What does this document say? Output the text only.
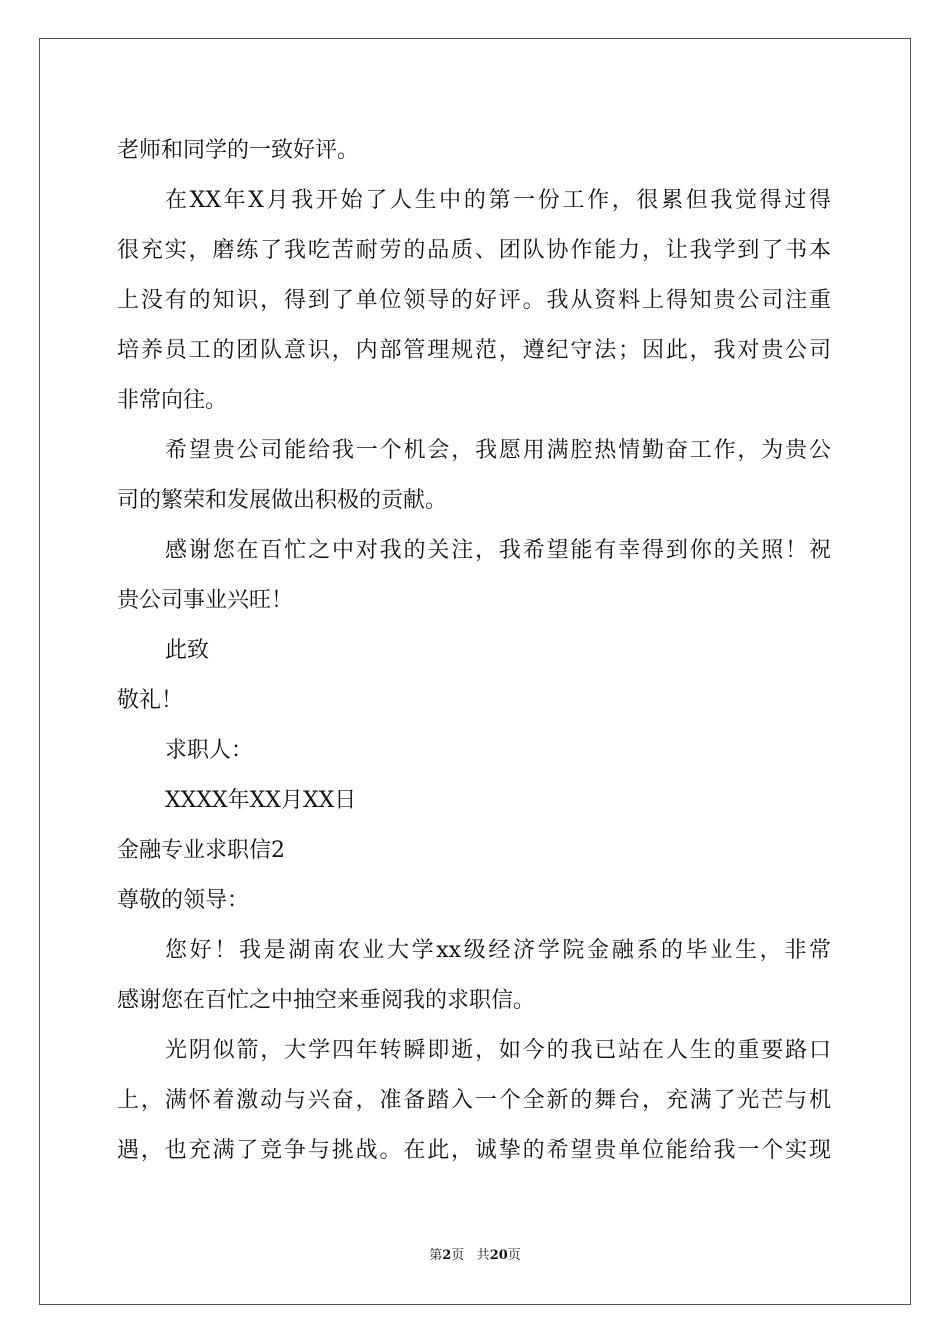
老师和同学的一致好评。
在XX年X月我开始了人生中的第一份工作，很累但我觉得过得
很充实，磨练了我吃苦耐劳的品质、团队协作能力，让我学到了书本
上没有的知识，得到了单位领导的好评。我从资料上得知贵公司注重
培养员工的团队意识，内部管理规范，遵纪守法；因此，我对贵公司
非常向往。
希望贵公司能给我一个机会，我愿用满腔热情勤奋工作，为贵公
司的繁荣和发展做出积极的贡献。
感谢您在百忙之中对我的关注，我希望能有幸得到你的关照！祝
贵公司事业兴旺！
此致
敬礼！
求职人：
XXXX年XX月XX日
金融专业求职信2
尊敬的领导：
您好！我是湖南农业大学xx级经济学院金融系的毕业生，非常
感谢您在百忙之中抽空来垂阅我的求职信。
光阴似箭，大学四年转瞬即逝，如今的我已站在人生的重要路口
上，满怀着激动与兴奋，准备踏入一个全新的舞台，充满了光芒与机
遇，也充满了竞争与挑战。在此，诚挚的希望贵单位能给我一个实现
第2页 共20页
